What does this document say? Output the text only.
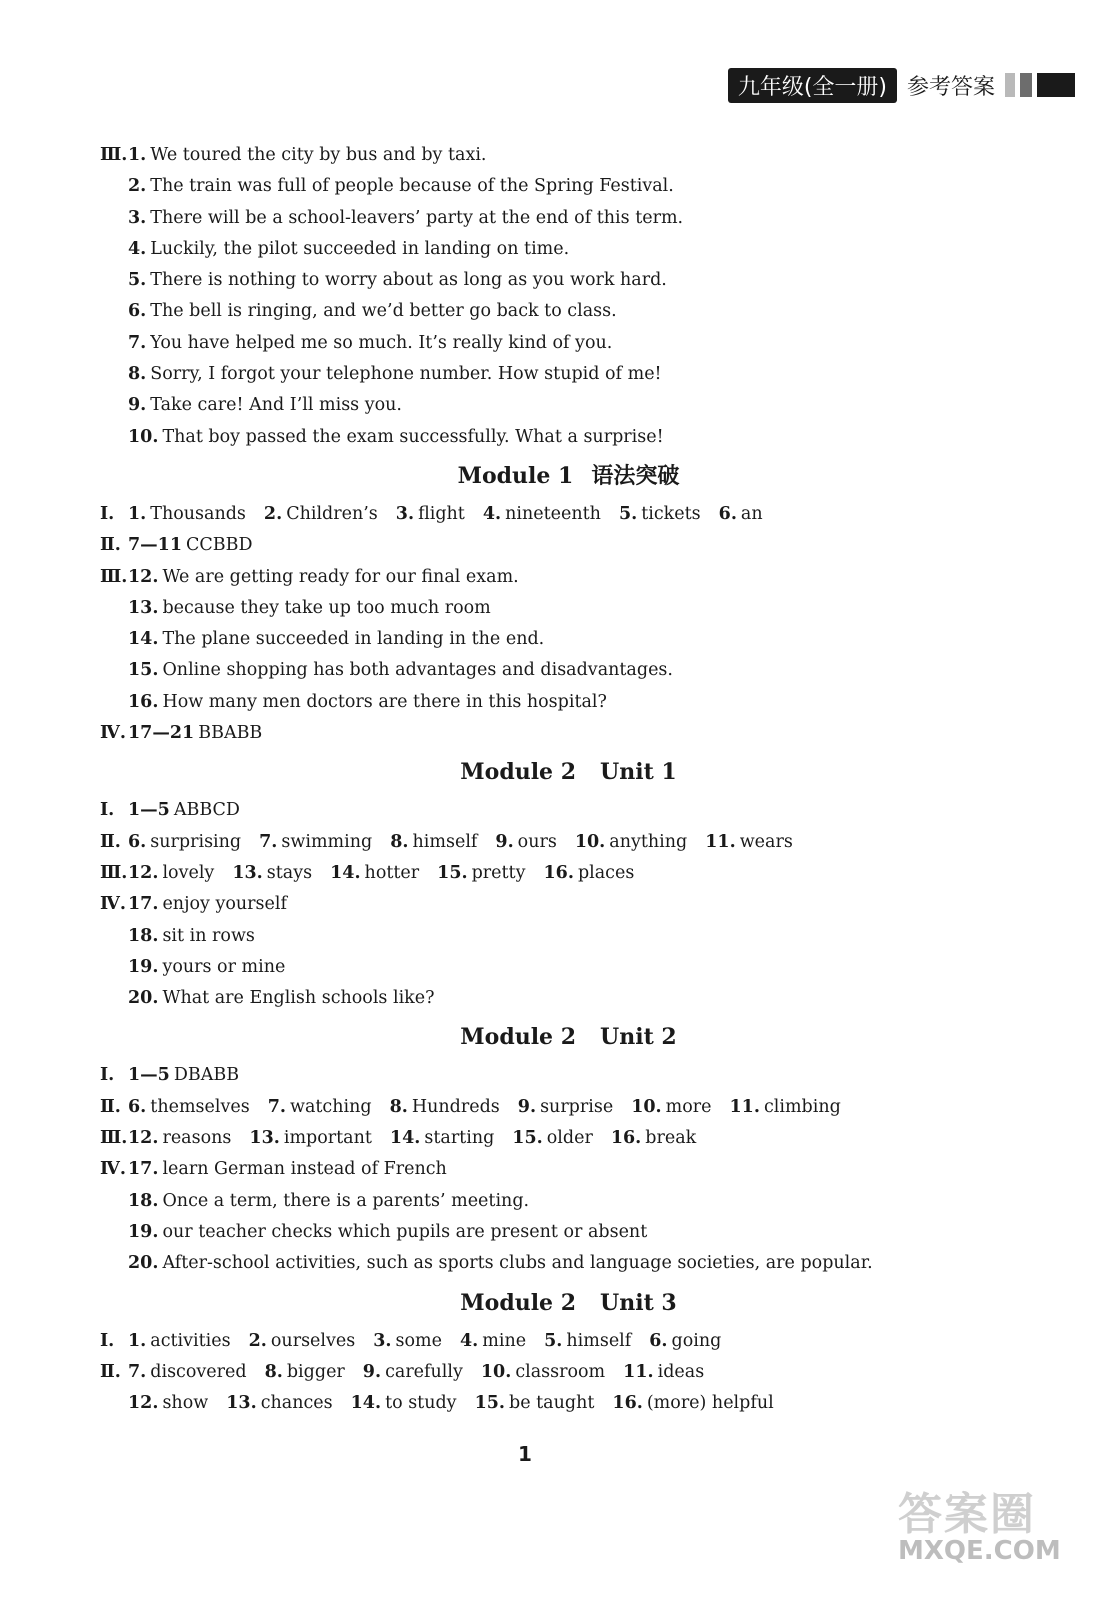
九年级(全一册) 参考答案
Ⅲ. 1. We toured the city by bus and by taxi.
2. The train was full of people because of the Spring Festival.
3. There will be a school-leavers’ party at the end of this term.
4. Luckily, the pilot succeeded in landing on time.
5. There is nothing to worry about as long as you work hard.
6. The bell is ringing, and we’d better go back to class.
7. You have helped me so much. It’s really kind of you.
8. Sorry, I forgot your telephone number. How stupid of me!
9. Take care! And I’ll miss you.
10. That boy passed the exam successfully. What a surprise!
Module 1 语法突破
Ⅰ. 1. Thousands 2. Children’s 3. flight 4. nineteenth 5. tickets 6. an
Ⅱ. 7—11 CCBBD
Ⅲ. 12. We are getting ready for our final exam.
13. because they take up too much room
14. The plane succeeded in landing in the end.
15. Online shopping has both advantages and disadvantages.
16. How many men doctors are there in this hospital?
Ⅳ. 17—21 BBABB
Module 2 Unit 1
Ⅰ. 1—5 ABBCD
Ⅱ. 6. surprising 7. swimming 8. himself 9. ours 10. anything 11. wears
Ⅲ. 12. lovely 13. stays 14. hotter 15. pretty 16. places
Ⅳ. 17. enjoy yourself
18. sit in rows
19. yours or mine
20. What are English schools like?
Module 2 Unit 2
Ⅰ. 1—5 DBABB
Ⅱ. 6. themselves 7. watching 8. Hundreds 9. surprise 10. more 11. climbing
Ⅲ. 12. reasons 13. important 14. starting 15. older 16. break
Ⅳ. 17. learn German instead of French
18. Once a term, there is a parents’ meeting.
19. our teacher checks which pupils are present or absent
20. After-school activities, such as sports clubs and language societies, are popular.
Module 2 Unit 3
Ⅰ. 1. activities 2. ourselves 3. some 4. mine 5. himself 6. going
Ⅱ. 7. discovered 8. bigger 9. carefully 10. classroom 11. ideas
12. show 13. chances 14. to study 15. be taught 16. (more) helpful
1
答案圈
MXQE.COM
